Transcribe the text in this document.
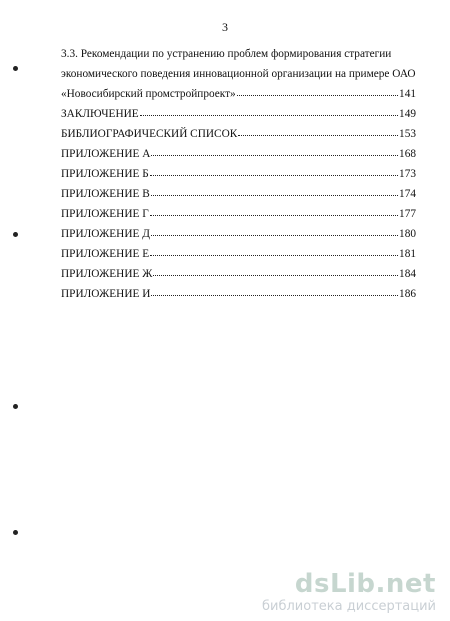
3
3.3. Рекомендации по устранению проблем формирования стратегии
экономического поведения инновационной организации на примере ОАО
«Новосибирский промстройпроект»	141
ЗАКЛЮЧЕНИЕ	149
БИБЛИОГРАФИЧЕСКИЙ СПИСОК	153
ПРИЛОЖЕНИЕ А	168
ПРИЛОЖЕНИЕ Б	173
ПРИЛОЖЕНИЕ В	174
ПРИЛОЖЕНИЕ Г	177
ПРИЛОЖЕНИЕ Д	180
ПРИЛОЖЕНИЕ Е	181
ПРИЛОЖЕНИЕ Ж	184
ПРИЛОЖЕНИЕ И	186
dsLib.net
библиотека диссертаций
